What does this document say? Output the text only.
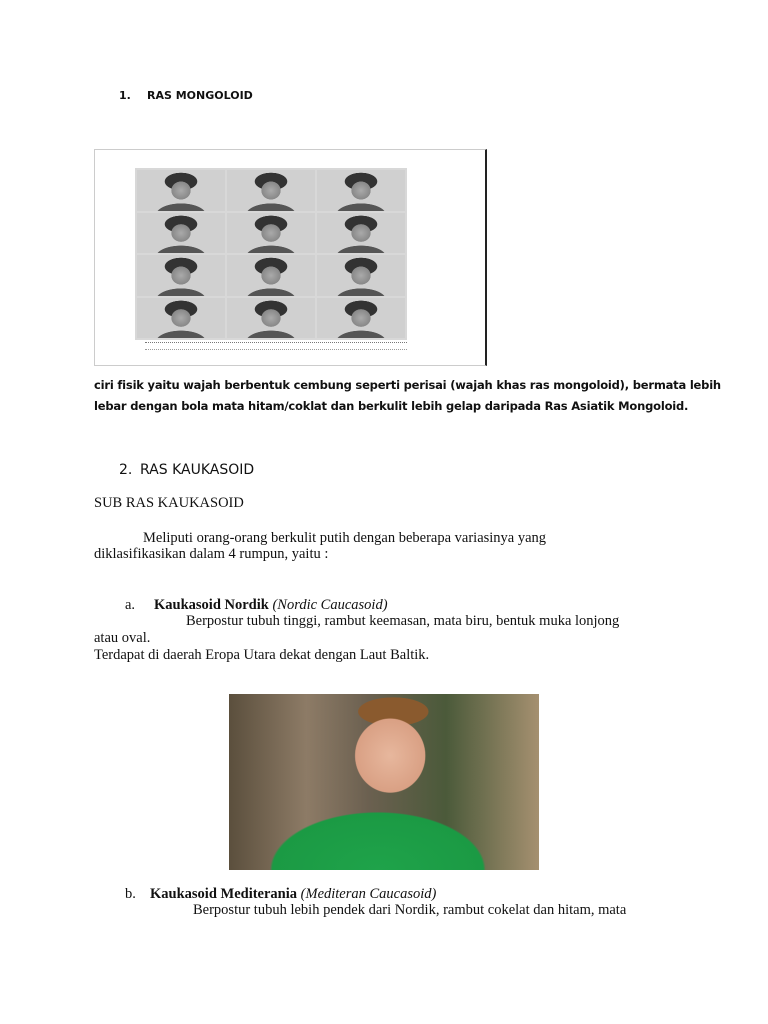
1. RAS MONGOLOID
ciri fisik yaitu wajah berbentuk cembung seperti perisai (wajah khas ras mongoloid), bermata lebih
lebar dengan bola mata hitam/coklat dan berkulit lebih gelap daripada Ras Asiatik Mongoloid.
2. RAS KAUKASOID
SUB RAS KAUKASOID
Meliputi orang-orang berkulit putih dengan beberapa variasinya yang
diklasifikasikan dalam 4 rumpun, yaitu :
a. Kaukasoid Nordik (Nordic Caucasoid)
Berpostur tubuh tinggi, rambut keemasan, mata biru, bentuk muka lonjong
atau oval.
Terdapat di daerah Eropa Utara dekat dengan Laut Baltik.
b. Kaukasoid Mediterania (Mediteran Caucasoid)
Berpostur tubuh lebih pendek dari Nordik, rambut cokelat dan hitam, mata
